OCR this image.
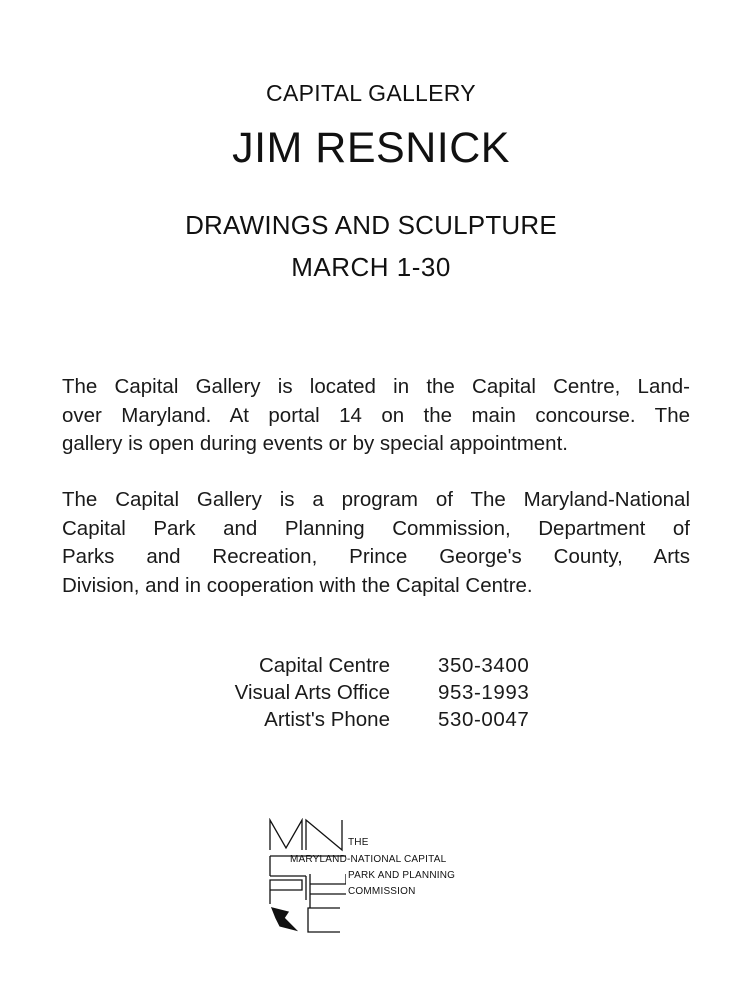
CAPITAL GALLERY
JIM RESNICK
DRAWINGS AND SCULPTURE
MARCH 1-30
The Capital Gallery is located in the Capital Centre, Land-
over Maryland. At portal 14 on the main concourse. The
gallery is open during events or by special appointment.
The Capital Gallery is a program of The Maryland-National
Capital Park and Planning Commission, Department of
Parks and Recreation, Prince George's County, Arts
Division, and in cooperation with the Capital Centre.
Capital Centre 350-3400
Visual Arts Office 953-1993
Artist's Phone 530-0047
THE
MARYLAND-NATIONAL CAPITAL
PARK AND PLANNING
COMMISSION
